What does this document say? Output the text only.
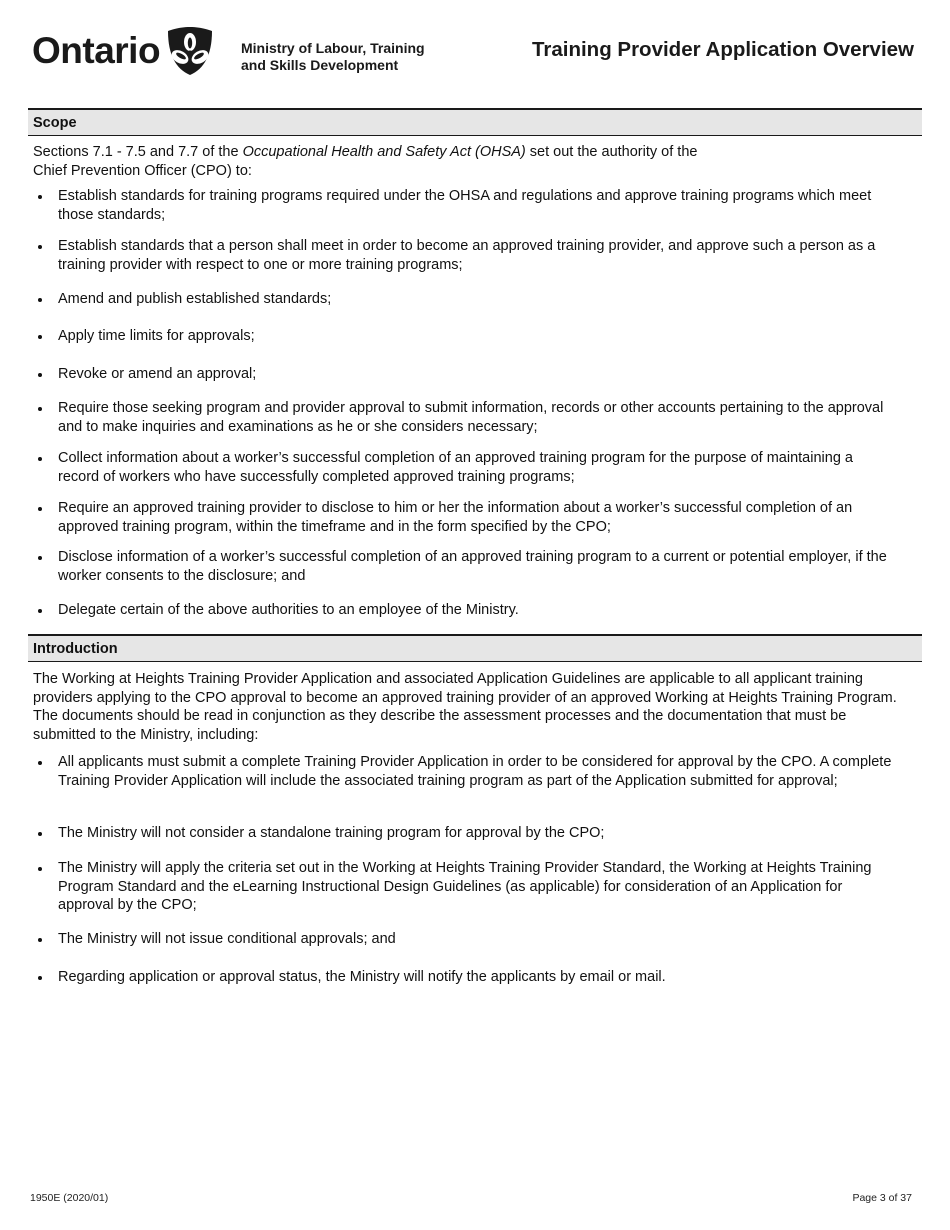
Ontario	Ministry of Labour, Training
and Skills Development
Training Provider Application Overview
Scope
Sections 7.1 - 7.5 and 7.7 of the Occupational Health and Safety Act (OHSA) set out the authority of the
Chief Prevention Officer (CPO) to:
Establish standards for training programs required under the OHSA and regulations and approve training programs which meet those standards;
Establish standards that a person shall meet in order to become an approved training provider, and approve such a person as a training provider with respect to one or more training programs;
Amend and publish established standards;
Apply time limits for approvals;
Revoke or amend an approval;
Require those seeking program and provider approval to submit information, records or other accounts pertaining to the approval and to make inquiries and examinations as he or she considers necessary;
Collect information about a worker’s successful completion of an approved training program for the purpose of maintaining a record of workers who have successfully completed approved training programs;
Require an approved training provider to disclose to him or her the information about a worker’s successful completion of an approved training program, within the timeframe and in the form specified by the CPO;
Disclose information of a worker’s successful completion of an approved training program to a current or potential employer, if the worker consents to the disclosure; and
Delegate certain of the above authorities to an employee of the Ministry.
Introduction
The Working at Heights Training Provider Application and associated Application Guidelines are applicable to all applicant training providers applying to the CPO approval to become an approved training provider of an approved Working at Heights Training Program. The documents should be read in conjunction as they describe the assessment processes and the documentation that must be submitted to the Ministry, including:
All applicants must submit a complete Training Provider Application in order to be considered for approval by the CPO. A complete Training Provider Application will include the associated training program as part of the Application submitted for approval;
The Ministry will not consider a standalone training program for approval by the CPO;
The Ministry will apply the criteria set out in the Working at Heights Training Provider Standard, the Working at Heights Training Program Standard and the eLearning Instructional Design Guidelines (as applicable) for consideration of an Application for approval by the CPO;
The Ministry will not issue conditional approvals; and
Regarding application or approval status, the Ministry will notify the applicants by email or mail.
1950E (2020/01)	Page 3 of 37
